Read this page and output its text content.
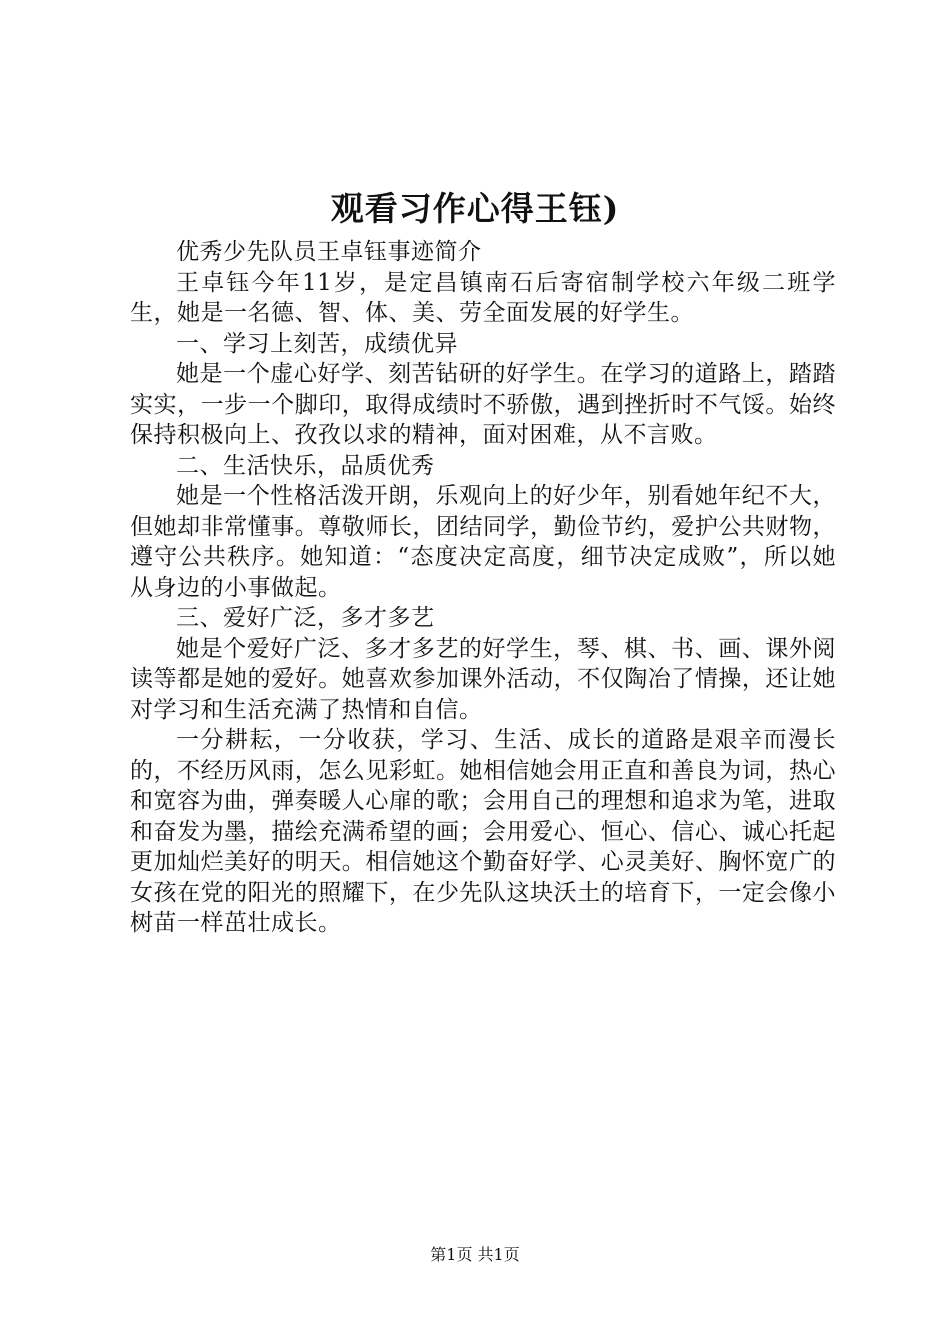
观看习作心得王钰)

优秀少先队员王卓钰事迹简介

王卓钰今年11岁，是定昌镇南石后寄宿制学校六年级二班学生，她是一名德、智、体、美、劳全面发展的好学生。

一、学习上刻苦，成绩优异

她是一个虚心好学、刻苦钻研的好学生。在学习的道路上，踏踏实实，一步一个脚印，取得成绩时不骄傲，遇到挫折时不气馁。始终保持积极向上、孜孜以求的精神，面对困难，从不言败。

二、生活快乐，品质优秀

她是一个性格活泼开朗，乐观向上的好少年，别看她年纪不大，但她却非常懂事。尊敬师长，团结同学，勤俭节约，爱护公共财物，遵守公共秩序。她知道：“态度决定高度，细节决定成败”，所以她从身边的小事做起。

三、爱好广泛，多才多艺

她是个爱好广泛、多才多艺的好学生，琴、棋、书、画、课外阅读等都是她的爱好。她喜欢参加课外活动，不仅陶冶了情操，还让她对学习和生活充满了热情和自信。

一分耕耘，一分收获，学习、生活、成长的道路是艰辛而漫长的，不经历风雨，怎么见彩虹。她相信她会用正直和善良为词，热心和宽容为曲，弹奏暖人心扉的歌；会用自己的理想和追求为笔，进取和奋发为墨，描绘充满希望的画；会用爱心、恒心、信心、诚心托起更加灿烂美好的明天。相信她这个勤奋好学、心灵美好、胸怀宽广的女孩在党的阳光的照耀下，在少先队这块沃土的培育下，一定会像小树苗一样茁壮成长。

第1页 共1页
